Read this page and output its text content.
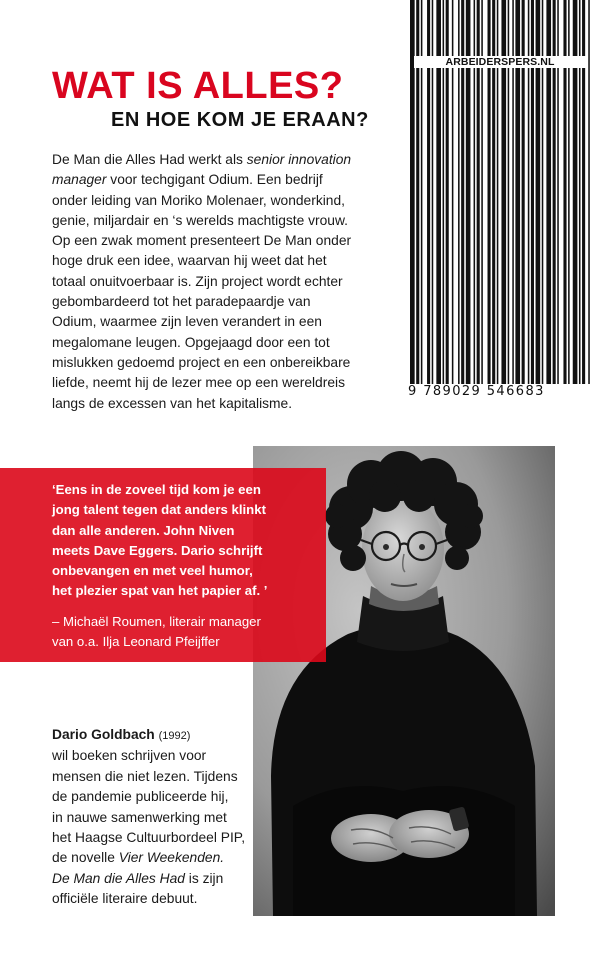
ARBEIDERSPERS.NL
9 789029 546683
WAT IS ALLES?
EN HOE KOM JE ERAAN?

De Man die Alles Had werkt als senior innovation

manager voor techgigant Odium. Een bedrijf

onder leiding van Moriko Molenaer, wonderkind,

genie, miljardair en ‘s werelds machtigste vrouw.

Op een zwak moment presenteert De Man onder

hoge druk een idee, waarvan hij weet dat het

totaal onuitvoerbaar is. Zijn project wordt echter

gebombardeerd tot het paradepaardje van

Odium, waarmee zijn leven verandert in een

megalomane leugen. Opgejaagd door een tot

mislukken gedoemd project en een onbereikbare

liefde, neemt hij de lezer mee op een wereldreis

langs de excessen van het kapitalisme.

‘Eens in de zoveel tijd kom je een

jong talent tegen dat anders klinkt

dan alle anderen. John Niven

meets Dave Eggers. Dario schrijft

onbevangen en met veel humor,

het plezier spat van het papier af. ’

– Michaël Roumen, literair manager

van o.a. Ilja Leonard Pfeijffer

Dario Goldbach (1992)

wil boeken schrijven voor

mensen die niet lezen. Tijdens

de pandemie publiceerde hij,

in nauwe samenwerking met

het Haagse Cultuurbordeel PIP,

de novelle Vier Weekenden.

De Man die Alles Had is zijn

officiële literaire debuut.
